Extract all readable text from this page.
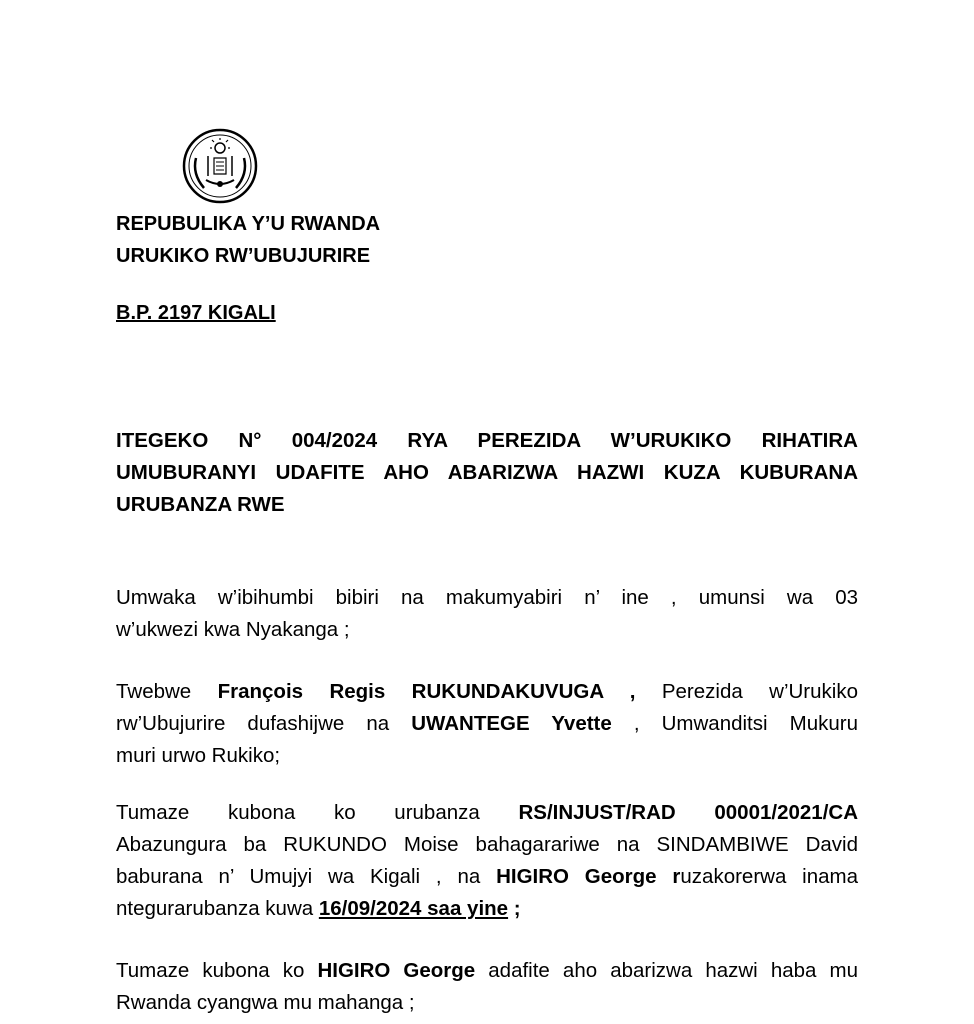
REPUBULIKA Y’U RWANDA
URUKIKO RW’UBUJURIRE
B.P. 2197 KIGALI
ITEGEKO N° 004/2024 RYA PEREZIDA W’URUKIKO RIHATIRA
UMUBURANYI UDAFITE AHO ABARIZWA HAZWI KUZA KUBURANA
URUBANZA RWE
Umwaka w’ibihumbi bibiri na makumyabiri n’ ine , umunsi wa 03
w’ukwezi kwa Nyakanga ;
Twebwe François Regis RUKUNDAKUVUGA , Perezida w’Urukiko
rw’Ubujurire dufashijwe na UWANTEGE Yvette , Umwanditsi Mukuru
muri urwo Rukiko;
Tumaze kubona ko urubanza RS/INJUST/RAD 00001/2021/CA
Abazungura ba RUKUNDO Moise bahagarariwe na SINDAMBIWE David
baburana n’ Umujyi wa Kigali , na HIGIRO George ruzakorerwa inama
ntegurarubanza kuwa 16/09/2024 saa yine ;
Tumaze kubona ko HIGIRO George adafite aho abarizwa hazwi haba mu
Rwanda cyangwa mu mahanga ;
